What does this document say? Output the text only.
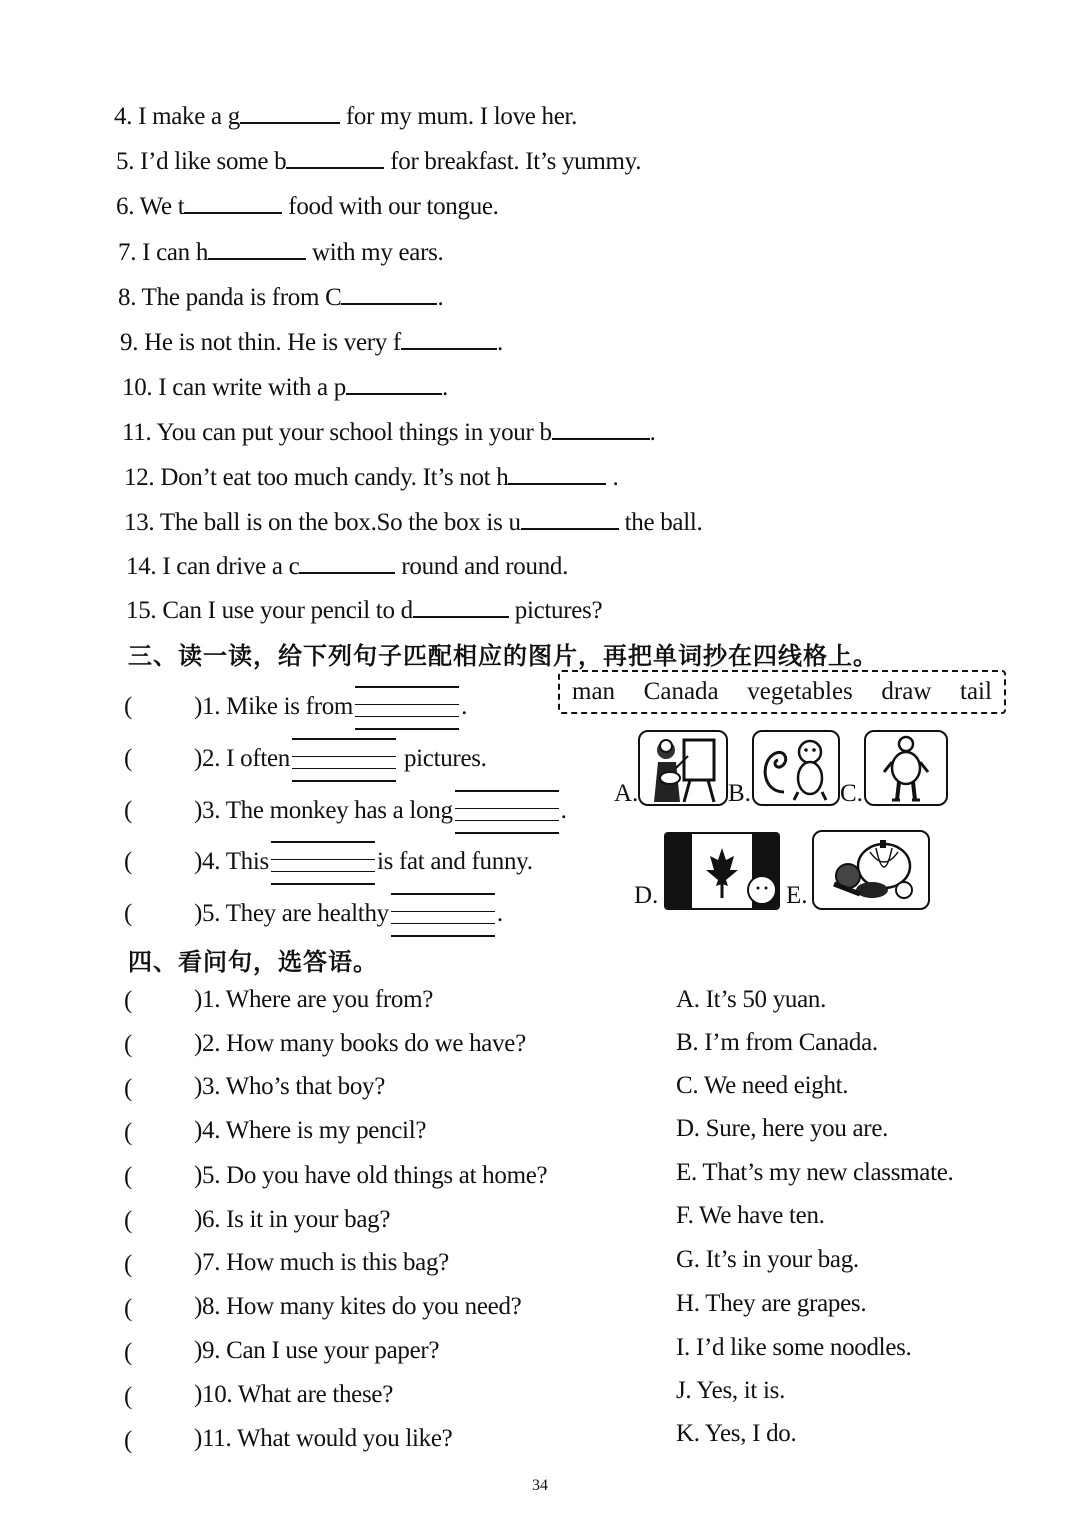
4. I make a g	for my mum. I love her.
5. I’d like some b	for breakfast. It’s yummy.
6. We t	food with our tongue.
7. I can h	with my ears.
8. The panda is from C	.
9. He is not thin. He is very f	.
10. I can write with a p	.
11. You can put your school things in your b	.
12. Don’t eat too much candy. It’s not h	.
13. The ball is on the box.So the box is u	the ball.
14. I can drive a c	round and round.
15. Can I use your pencil to d	pictures?
三、读一读，给下列句子匹配相应的图片，再把单词抄在四线格上。
man Canada vegetables draw tail
( )1. Mike is from	.
( )2. I often	pictures.
( )3. The monkey has a long	.
( )4. This	is fat and funny.
( )5. They are healthy	.
A.	B.	C.
D.	E.
四、看问句，选答语。
( )1. Where are you from?	A. It’s 50 yuan.
( )2. How many books do we have?	B. I’m from Canada.
( )3. Who’s that boy?	C. We need eight.
( )4. Where is my pencil?	D. Sure, here you are.
( )5. Do you have old things at home?	E. That’s my new classmate.
( )6. Is it in your bag?	F. We have ten.
( )7. How much is this bag?	G. It’s in your bag.
( )8. How many kites do you need?	H. They are grapes.
( )9. Can I use your paper?	I. I’d like some noodles.
( )10. What are these?	J. Yes, it is.
( )11. What would you like?	K. Yes, I do.
34
